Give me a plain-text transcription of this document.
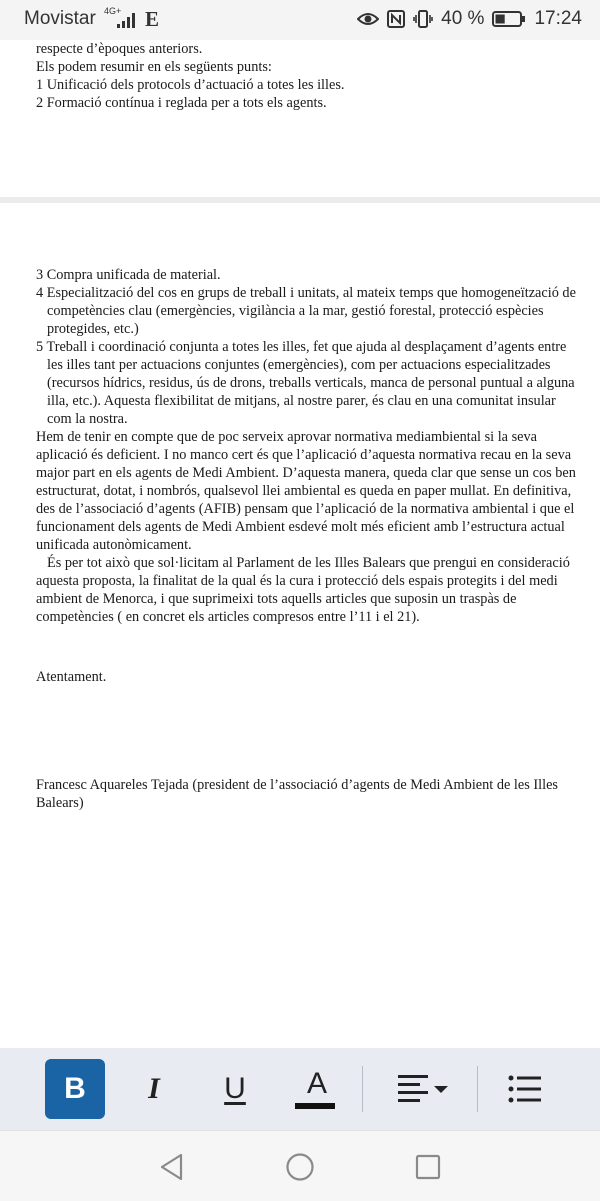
Movistar 4G+ E	40 %	17:24

respecte d’èpoques anteriors.

Els podem resumir en els següents punts:

1 Unificació dels protocols d’actuació a totes les illes.

2 Formació contínua i reglada per a tots els agents.

3 Compra unificada de material.

4 Especialització del cos en grups de treball i unitats, al mateix temps que homogeneïtzació de competències clau (emergències, vigilància a la mar, gestió forestal, protecció espècies protegides, etc.)

5 Treball i coordinació conjunta a totes les illes, fet que ajuda al desplaçament d’agents entre les illes tant per actuacions conjuntes (emergències), com per actuacions especialitzades (recursos hídrics, residus, ús de drons, treballs verticals, manca de personal puntual a alguna illa, etc.). Aquesta flexibilitat de mitjans, al nostre parer, és clau en una comunitat insular com la nostra.

Hem de tenir en compte que de poc serveix aprovar normativa mediambiental si la seva aplicació és deficient. I no manco cert és que l’aplicació d’aquesta normativa recau en la seva major part en els agents de Medi Ambient. D’aquesta manera, queda clar que sense un cos ben estructurat, dotat, i nombrós, qualsevol llei ambiental es queda en paper mullat. En definitiva, des de l’associació d’agents (AFIB) pensam que l’aplicació de la normativa ambiental i que el funcionament dels agents de Medi Ambient esdevé molt més eficient amb l’estructura actual unificada autonòmicament.

És per tot això que sol·licitam al Parlament de les Illes Balears que prengui en consideració aquesta proposta, la finalitat de la qual és la cura i protecció dels espais protegits i del medi ambient de Menorca, i que suprimeixi tots aquells articles que suposin un traspàs de competències ( en concret els articles compresos entre l’11 i el 21).

Atentament.

Francesc Aquareles Tejada (president de l’associació d’agents de Medi Ambient de les Illes Balears)

B I U A
